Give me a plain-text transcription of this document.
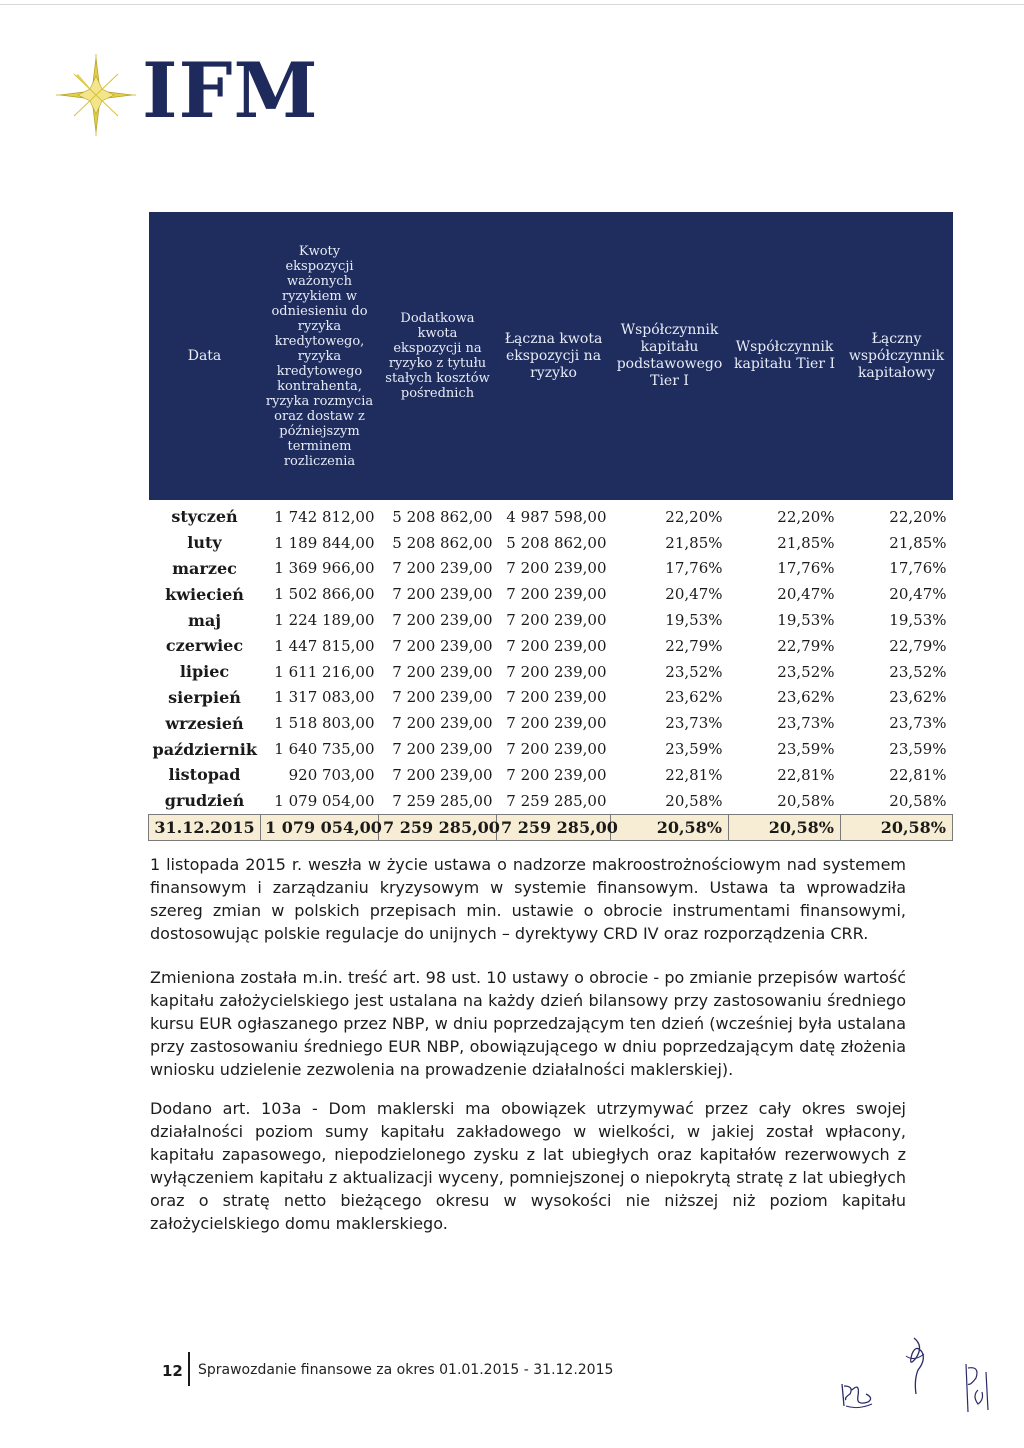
IFM
Data	Kwoty ekspozycji ważonych ryzykiem w odniesieniu do ryzyka kredytowego, ryzyka kredytowego kontrahenta, ryzyka rozmycia oraz dostaw z późniejszym terminem rozliczenia	Dodatkowa kwota ekspozycji na ryzyko z tytułu stałych kosztów pośrednich	Łączna kwota ekspozycji na ryzyko	Współczynnik kapitału podstawowego Tier I	Współczynnik kapitału Tier I	Łączny współczynnik kapitałowy
styczeń	1 742 812,00	5 208 862,00	4 987 598,00	22,20%	22,20%	22,20%
luty	1 189 844,00	5 208 862,00	5 208 862,00	21,85%	21,85%	21,85%
marzec	1 369 966,00	7 200 239,00	7 200 239,00	17,76%	17,76%	17,76%
kwiecień	1 502 866,00	7 200 239,00	7 200 239,00	20,47%	20,47%	20,47%
maj	1 224 189,00	7 200 239,00	7 200 239,00	19,53%	19,53%	19,53%
czerwiec	1 447 815,00	7 200 239,00	7 200 239,00	22,79%	22,79%	22,79%
lipiec	1 611 216,00	7 200 239,00	7 200 239,00	23,52%	23,52%	23,52%
sierpień	1 317 083,00	7 200 239,00	7 200 239,00	23,62%	23,62%	23,62%
wrzesień	1 518 803,00	7 200 239,00	7 200 239,00	23,73%	23,73%	23,73%
październik	1 640 735,00	7 200 239,00	7 200 239,00	23,59%	23,59%	23,59%
listopad	920 703,00	7 200 239,00	7 200 239,00	22,81%	22,81%	22,81%
grudzień	1 079 054,00	7 259 285,00	7 259 285,00	20,58%	20,58%	20,58%
31.12.2015	1 079 054,00	7 259 285,00	7 259 285,00	20,58%	20,58%	20,58%

1 listopada 2015 r. weszła w życie ustawa o nadzorze makroostrożnościowym nad systemem finansowym i zarządzaniu kryzysowym w systemie finansowym. Ustawa ta wprowadziła szereg zmian w polskich przepisach min. ustawie o obrocie instrumentami finansowymi, dostosowując polskie regulacje do unijnych – dyrektywy CRD IV oraz rozporządzenia CRR.

Zmieniona została m.in. treść art. 98 ust. 10 ustawy o obrocie - po zmianie przepisów wartość kapitału założycielskiego jest ustalana na każdy dzień bilansowy przy zastosowaniu średniego kursu EUR ogłaszanego przez NBP, w dniu poprzedzającym ten dzień (wcześniej była ustalana przy zastosowaniu średniego EUR NBP, obowiązującego w dniu poprzedzającym datę złożenia wniosku udzielenie zezwolenia na prowadzenie działalności maklerskiej).

Dodano art. 103a - Dom maklerski ma obowiązek utrzymywać przez cały okres swojej działalności poziom sumy kapitału zakładowego w wielkości, w jakiej został wpłacony, kapitału zapasowego, niepodzielonego zysku z lat ubiegłych oraz kapitałów rezerwowych z wyłączeniem kapitału z aktualizacji wyceny, pomniejszonej o niepokrytą stratę z lat ubiegłych oraz o stratę netto bieżącego okresu w wysokości nie niższej niż poziom kapitału założycielskiego domu maklerskiego.

12 Sprawozdanie finansowe za okres 01.01.2015 - 31.12.2015
